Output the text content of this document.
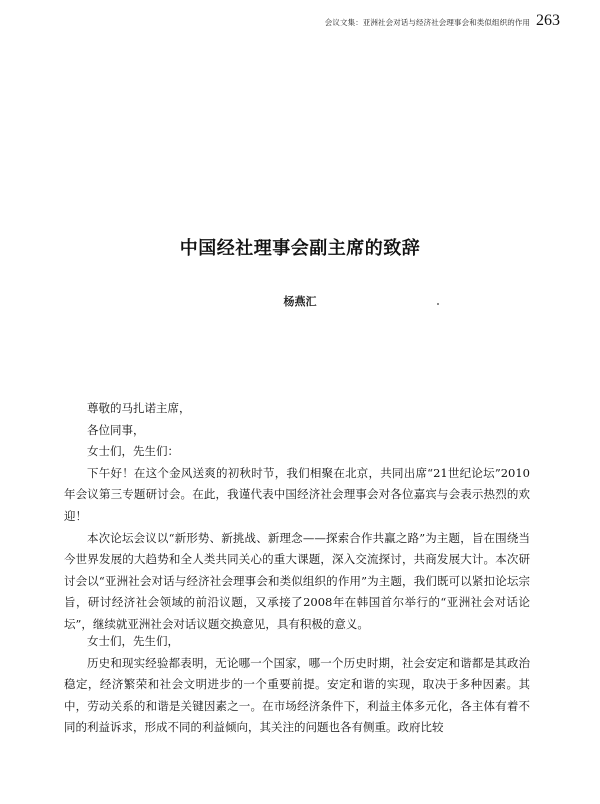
会议文集：亚洲社会对话与经济社会理事会和类似组织的作用 263
中国经社理事会副主席的致辞
杨燕汇

尊敬的马扎诺主席，

各位同事，

女士们，先生们：

下午好！在这个金风送爽的初秋时节，我们相聚在北京，共同出席“21世纪论坛”2010年会议第三专题研讨会。在此，我谨代表中国经济社会理事会对各位嘉宾与会表示热烈的欢迎！

本次论坛会议以“新形势、新挑战、新理念——探索合作共赢之路”为主题，旨在围绕当今世界发展的大趋势和全人类共同关心的重大课题，深入交流探讨，共商发展大计。本次研讨会以“亚洲社会对话与经济社会理事会和类似组织的作用”为主题，我们既可以紧扣论坛宗旨，研讨经济社会领域的前沿议题，又承接了2008年在韩国首尔举行的“亚洲社会对话论坛”，继续就亚洲社会对话议题交换意见，具有积极的意义。

女士们，先生们，

历史和现实经验都表明，无论哪一个国家，哪一个历史时期，社会安定和谐都是其政治稳定，经济繁荣和社会文明进步的一个重要前提。安定和谐的实现，取决于多种因素。其中，劳动关系的和谐是关键因素之一。在市场经济条件下，利益主体多元化，各主体有着不同的利益诉求，形成不同的利益倾向，其关注的问题也各有侧重。政府比较
